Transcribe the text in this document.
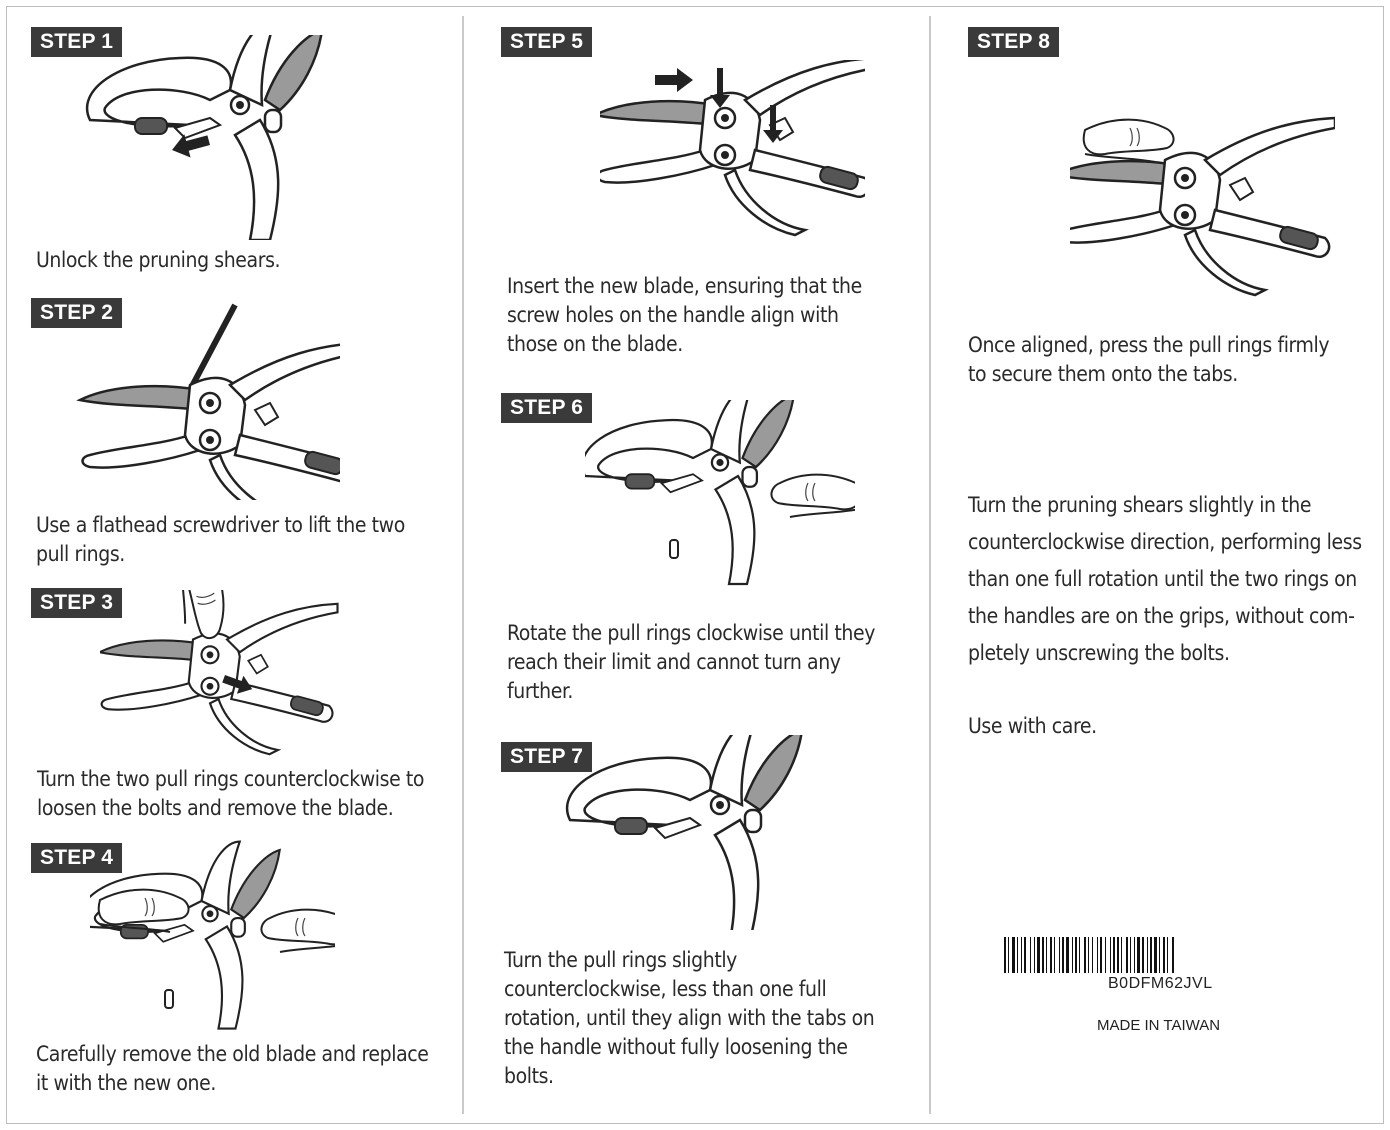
STEP 1
Unlock the pruning shears.
STEP 2
Use a flathead screwdriver to lift the two pull rings.
STEP 3
Turn the two pull rings counterclockwise to loosen the bolts and remove the blade.
STEP 4
Carefully remove the old blade and replace it with the new one.
STEP 5
Insert the new blade, ensuring that the screw holes on the handle align with those on the blade.
STEP 6
Rotate the pull rings clockwise until they reach their limit and cannot turn any further.
STEP 7
Turn the pull rings slightly counterclockwise, less than one full rotation, until they align with the tabs on the handle without fully loosening the bolts.
STEP 8
Once aligned, press the pull rings firmly to secure them onto the tabs.
Turn the pruning shears slightly in the counterclockwise direction, performing less than one full rotation until the two rings on the handles are on the grips, without com-pletely unscrewing the bolts.
Use with care.
B0DFM62JVL
MADE IN TAIWAN
